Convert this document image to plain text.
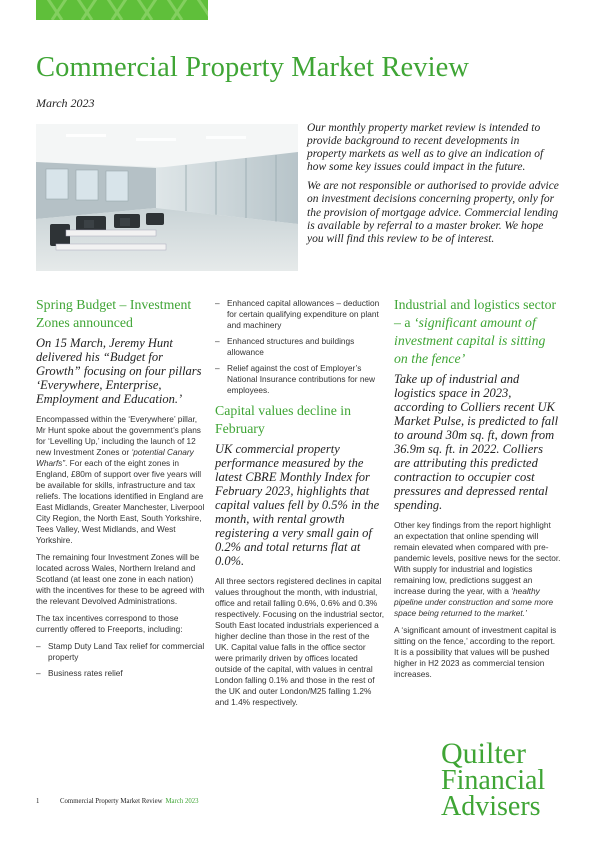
Commercial Property Market Review
March 2023

Our monthly property market review is intended to provide background to recent developments in property markets as well as to give an indication of how some key issues could impact in the future.

We are not responsible or authorised to provide advice on investment decisions concerning property, only for the provision of mortgage advice. Commercial lending is available by referral to a master broker. We hope you will find this review to be of interest.

Spring Budget – Investment Zones announced

On 15 March, Jeremy Hunt delivered his “Budget for Growth” focusing on four pillars ‘Everywhere, Enterprise, Employment and Education.’

Encompassed within the ‘Everywhere’ pillar, Mr Hunt spoke about the government’s plans for ‘Levelling Up,’ including the launch of 12 new Investment Zones or ‘potential Canary Wharfs”. For each of the eight zones in England, £80m of support over five years will be available for skills, infrastructure and tax reliefs. The locations identified in England are East Midlands, Greater Manchester, Liverpool City Region, the North East, South Yorkshire, Tees Valley, West Midlands, and West Yorkshire.

The remaining four Investment Zones will be located across Wales, Northern Ireland and Scotland (at least one zone in each nation) with the incentives for these to be agreed with the relevant Devolved Administrations.

The tax incentives correspond to those currently offered to Freeports, including:

– Stamp Duty Land Tax relief for commercial property
– Business rates relief
– Enhanced capital allowances – deduction for certain qualifying expenditure on plant and machinery
– Enhanced structures and buildings allowance
– Relief against the cost of Employer’s National Insurance contributions for new employees.
Capital values decline in February

UK commercial property performance measured by the latest CBRE Monthly Index for February 2023, highlights that capital values fell by 0.5% in the month, with rental growth registering a very small gain of 0.2% and total returns flat at 0.0%.

All three sectors registered declines in capital values throughout the month, with industrial, office and retail falling 0.6%, 0.6% and 0.3% respectively. Focusing on the industrial sector, South East located industrials experienced a higher decline than those in the rest of the UK. Capital value falls in the office sector were primarily driven by offices located outside of the capital, with values in central London falling 0.1% and those in the rest of the UK and outer London/M25 falling 1.2% and 1.4% respectively.

Industrial and logistics sector – a ‘significant amount of investment capital is sitting on the fence’

Take up of industrial and logistics space in 2023, according to Colliers recent UK Market Pulse, is predicted to fall to around 30m sq. ft, down from 36.9m sq. ft. in 2022. Colliers are attributing this predicted contraction to occupier cost pressures and depressed rental spending.

Other key findings from the report highlight an expectation that online spending will remain elevated when compared with pre-pandemic levels, positive news for the sector. With supply for industrial and logistics remaining low, predictions suggest an increase during the year, with a ‘healthy pipeline under construction and some more space being returned to the market.’

A ‘significant amount of investment capital is sitting on the fence,’ according to the report. It is a possibility that values will be pushed higher in H2 2023 as commercial tension increases.

Quilter
Financial
Advisers
1	Commercial Property Market Review March 2023
